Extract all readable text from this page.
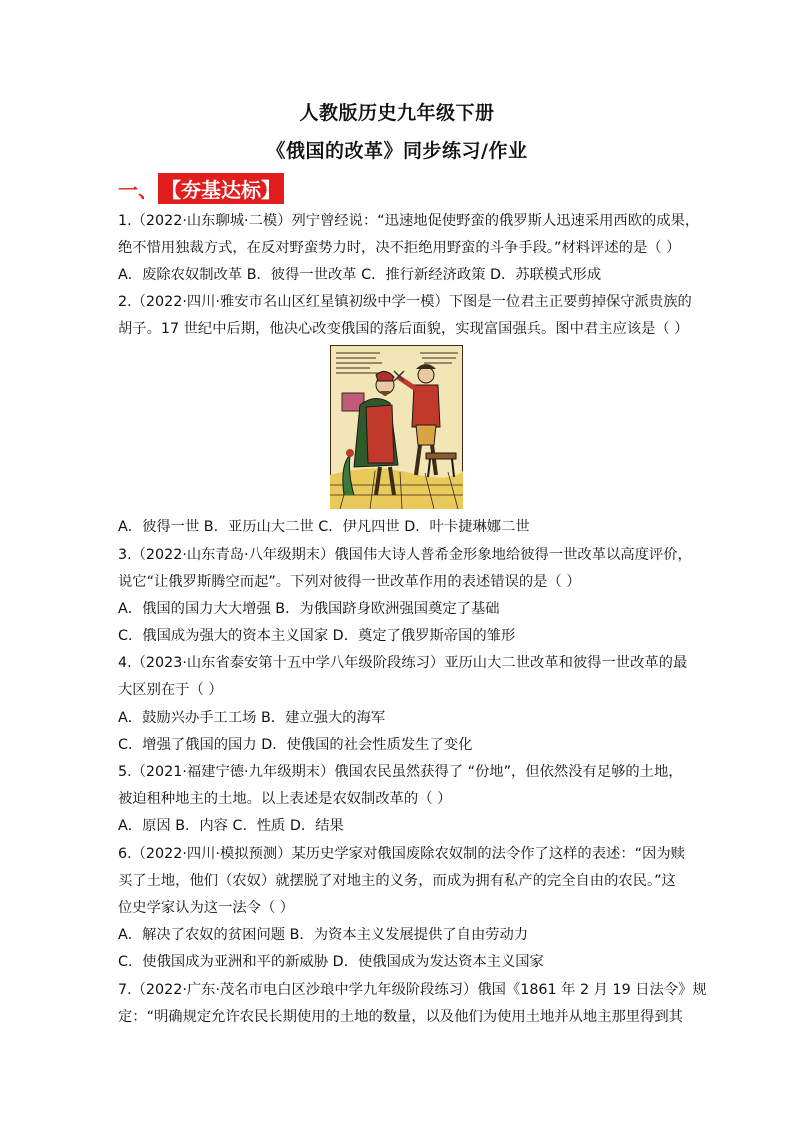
人教版历史九年级下册
《俄国的改革》同步练习/作业
一、 【夯基达标】
1.（2022·山东聊城·二模）列宁曾经说：“迅速地促使野蛮的俄罗斯人迅速采用西欧的成果，
绝不惜用独裁方式，在反对野蛮势力时，决不拒绝用野蛮的斗争手段。”材料评述的是（ ）
A．废除农奴制改革 B．彼得一世改革 C．推行新经济政策 D．苏联模式形成
2.（2022·四川·雅安市名山区红星镇初级中学一模）下图是一位君主正要剪掉保守派贵族的
胡子。17 世纪中后期，他决心改变俄国的落后面貌，实现富国强兵。图中君主应该是（ ）
A．彼得一世 B．亚历山大二世 C．伊凡四世 D．叶卡捷琳娜二世
3.（2022·山东青岛·八年级期末）俄国伟大诗人普希金形象地给彼得一世改革以高度评价，
说它“让俄罗斯腾空而起”。下列对彼得一世改革作用的表述错误的是（ ）
A．俄国的国力大大增强 B．为俄国跻身欧洲强国奠定了基础
C．俄国成为强大的资本主义国家 D．奠定了俄罗斯帝国的雏形
4.（2023·山东省泰安第十五中学八年级阶段练习）亚历山大二世改革和彼得一世改革的最
大区别在于（ ）
A．鼓励兴办手工工场 B．建立强大的海军
C．增强了俄国的国力 D．使俄国的社会性质发生了变化
5.（2021·福建宁德·九年级期末）俄国农民虽然获得了 “份地”，但依然没有足够的土地，
被迫租种地主的土地。以上表述是农奴制改革的（ ）
A．原因 B．内容 C．性质 D．结果
6.（2022·四川·模拟预测）某历史学家对俄国废除农奴制的法令作了这样的表述：“因为赎
买了土地，他们（农奴）就摆脱了对地主的义务，而成为拥有私产的完全自由的农民。”这
位史学家认为这一法令（ ）
A．解决了农奴的贫困问题 B．为资本主义发展提供了自由劳动力
C．使俄国成为亚洲和平的新威胁 D．使俄国成为发达资本主义国家
7.（2022·广东·茂名市电白区沙琅中学九年级阶段练习）俄国《1861 年 2 月 19 日法令》规
定：“明确规定允许农民长期使用的土地的数量，以及他们为使用土地并从地主那里得到其
